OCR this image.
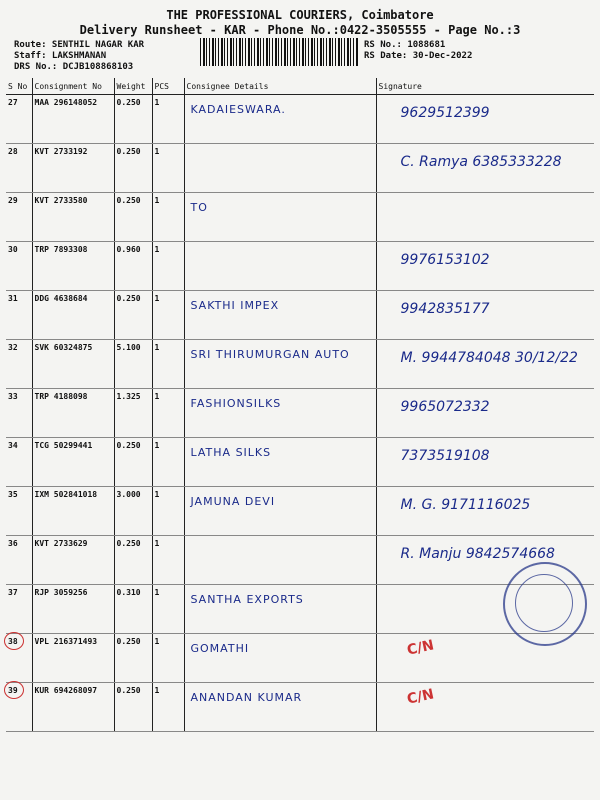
THE PROFESSIONAL COURIERS, Coimbatore
Delivery Runsheet - KAR - Phone No.:0422-3505555 - Page No.:3
Route: SENTHIL NAGAR KAR
Staff: LAKSHMANAN
DRS No.: DCJB108868103
RS No.: 1088681
RS Date: 30-Dec-2022
S No	Consignment No	Weight	PCS	Consignee Details	Signature
27	MAA 296148052	0.250	1	KADAIESWARA.	9629512399

28	KVT 2733192	0.250	1		C. Ramya 6385333228

29	KVT 2733580	0.250	1	TO	

30	TRP 7893308	0.960	1		9976153102

31	DDG 4638684	0.250	1	SAKTHI IMPEX	9942835177

32	SVK 60324875	5.100	1	SRI THIRUMURGAN AUTO	M. 9944784048 30/12/22

33	TRP 4188098	1.325	1	FASHIONSILKS	9965072332

34	TCG 50299441	0.250	1	LATHA SILKS	7373519108

35	IXM 502841018	3.000	1	JAMUNA DEVI	M. G. 9171116025

36	KVT 2733629	0.250	1		R. Manju 9842574668

37	RJP 3059256	0.310	1	SANTHA EXPORTS	

38	VPL 216371493	0.250	1	GOMATHI	C/N

39	KUR 694268097	0.250	1	ANANDAN KUMAR	C/N
